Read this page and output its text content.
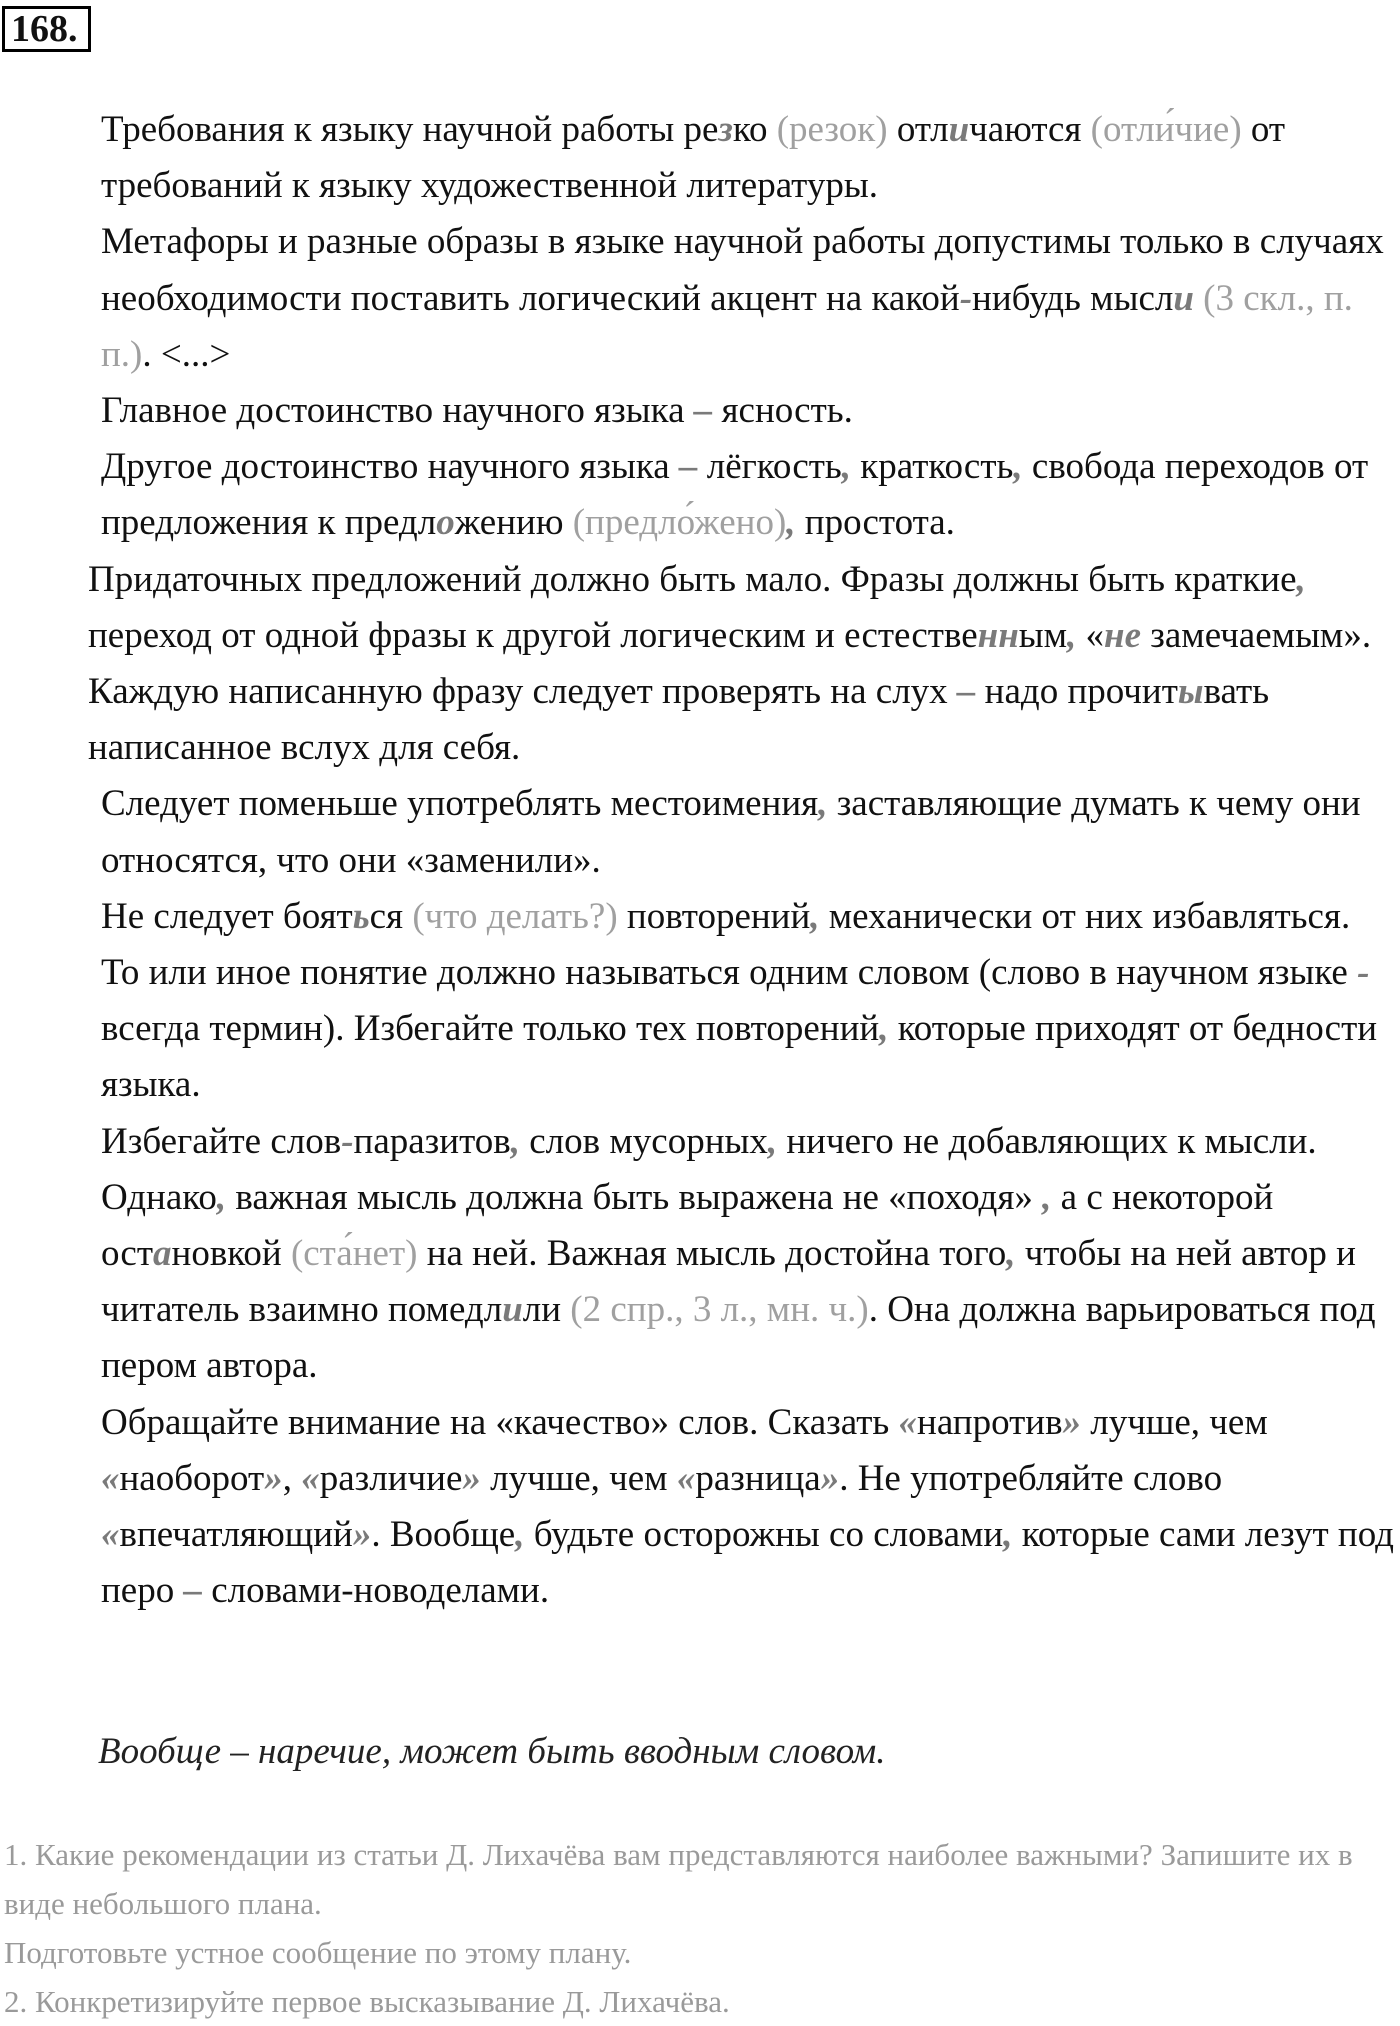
168.

Требования к языку научной работы резко (резок) отличаются (отли́чие) от требований к языку художественной литературы.

Метафоры и разные образы в языке научной работы допустимы только в случаях необходимости поставить логический акцент на какой-нибудь мысли (3 скл., п. п.). <...>

Главное достоинство научного языка – ясность.

Другое достоинство научного языка – лёгкость, краткость, свобода переходов от предложения к предложению (предло́жено), простота.

Придаточных предложений должно быть мало. Фразы должны быть краткие, переход от одной фразы к другой логическим и естественным, «не замечаемым».

Каждую написанную фразу следует проверять на слух – надо прочитывать написанное вслух для себя.

Следует поменьше употреблять местоимения, заставляющие думать к чему они относятся, что они «заменили».

Не следует бояться (что делать?) повторений, механически от них избавляться. То или иное понятие должно называться одним словом (слово в научном языке - всегда термин). Избегайте только тех повторений, которые приходят от бедности языка.

Избегайте слов-паразитов, слов мусорных, ничего не добавляющих к мысли. Однако, важная мысль должна быть выражена не «походя» , а с некоторой остановкой (ста́нет) на ней. Важная мысль достойна того, чтобы на ней автор и читатель взаимно помедлили (2 спр., 3 л., мн. ч.). Она должна варьироваться под пером автора.

Обращайте внимание на «качество» слов. Сказать «напротив» лучше, чем «наоборот», «различие» лучше, чем «разница». Не употребляйте слово «впечатляющий». Вообще, будьте осторожны со словами, которые сами лезут под перо – словами-новоделами.

Вообще – наречие, может быть вводным словом.
1. Какие рекомендации из статьи Д. Лихачёва вам представляются наиболее важными? Запишите их в виде небольшого плана.
Подготовьте устное сообщение по этому плану.
2. Конкретизируйте первое высказывание Д. Лихачёва.
